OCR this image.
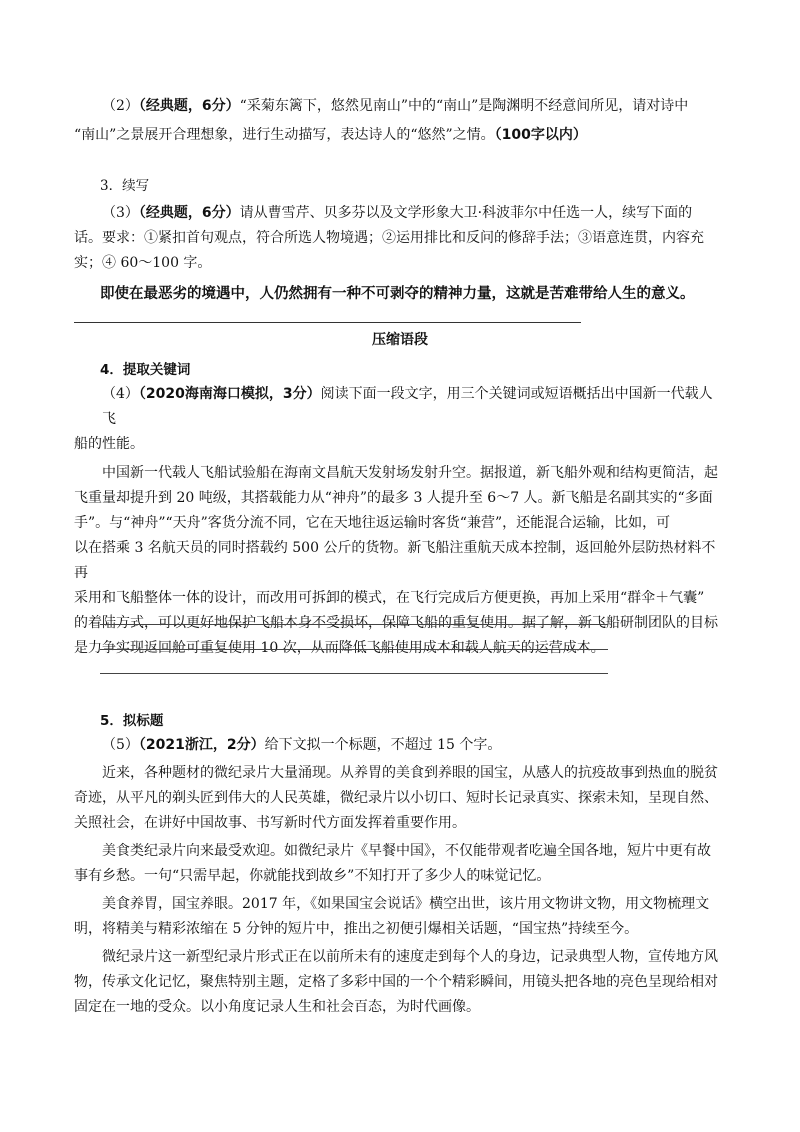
（2）（经典题，6分）“采菊东篱下，悠然见南山”中的“南山”是陶渊明不经意间所见，请对诗中

“南山”之景展开合理想象，进行生动描写，表达诗人的“悠然”之情。（100字以内）

3．续写

（3）（经典题，6分）请从曹雪芹、贝多芬以及文学形象大卫·科波菲尔中任选一人，续写下面的

话。要求：①紧扣首句观点，符合所选人物境遇；②运用排比和反问的修辞手法；③语意连贯，内容充

实；④ 60～100 字。

即使在最恶劣的境遇中，人仍然拥有一种不可剥夺的精神力量，这就是苦难带给人生的意义。
压缩语段
4．提取关键词

（4）（2020海南海口模拟，3分）阅读下面一段文字，用三个关键词或短语概括出中国新一代载人飞

船的性能。

中国新一代载人飞船试验船在海南文昌航天发射场发射升空。据报道，新飞船外观和结构更简洁，起

飞重量却提升到 20 吨级，其搭载能力从“神舟”的最多 3 人提升至 6～7 人。新飞船是名副其实的“多面

手”。与“神舟”“天舟”客货分流不同，它在天地往返运输时客货“兼营”，还能混合运输，比如，可

以在搭乘 3 名航天员的同时搭载约 500 公斤的货物。新飞船注重航天成本控制，返回舱外层防热材料不再

采用和飞船整体一体的设计，而改用可拆卸的模式，在飞行完成后方便更换，再加上采用“群伞＋气囊”

的着陆方式，可以更好地保护飞船本身不受损坏，保障飞船的重复使用。据了解，新飞船研制团队的目标

是力争实现返回舱可重复使用 10 次，从而降低飞船使用成本和载人航天的运营成本。

5．拟标题

（5）（2021浙江，2分）给下文拟一个标题，不超过 15 个字。

近来，各种题材的微纪录片大量涌现。从养胃的美食到养眼的国宝，从感人的抗疫故事到热血的脱贫

奇迹，从平凡的剃头匠到伟大的人民英雄，微纪录片以小切口、短时长记录真实、探索未知，呈现自然、

关照社会，在讲好中国故事、书写新时代方面发挥着重要作用。

美食类纪录片向来最受欢迎。如微纪录片《早餐中国》，不仅能带观者吃遍全国各地，短片中更有故

事有乡愁。一句“只需早起，你就能找到故乡”不知打开了多少人的味觉记忆。

美食养胃，国宝养眼。2017 年，《如果国宝会说话》横空出世，该片用文物讲文物，用文物梳理文

明，将精美与精彩浓缩在 5 分钟的短片中，推出之初便引爆相关话题，“国宝热”持续至今。

微纪录片这一新型纪录片形式正在以前所未有的速度走到每个人的身边，记录典型人物，宣传地方风

物，传承文化记忆，聚焦特别主题，定格了多彩中国的一个个精彩瞬间，用镜头把各地的亮色呈现给相对

固定在一地的受众。以小角度记录人生和社会百态，为时代画像。
